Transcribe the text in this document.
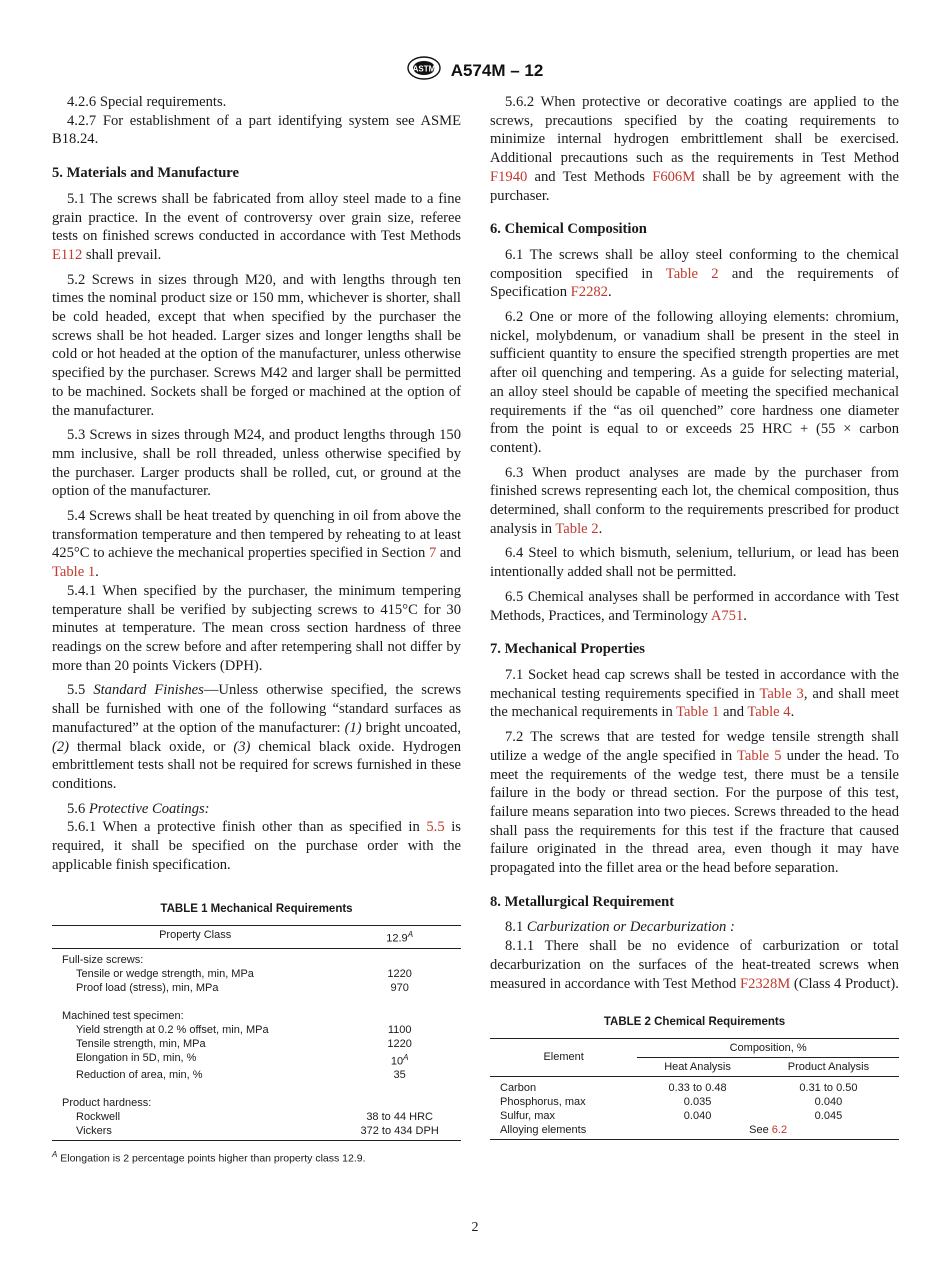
ASTM A574M – 12

4.2.6 Special requirements.

4.2.7 For establishment of a part identifying system see ASME B18.24.

5. Materials and Manufacture

5.1 The screws shall be fabricated from alloy steel made to a fine grain practice. In the event of controversy over grain size, referee tests on finished screws conducted in accordance with Test Methods E112 shall prevail.

5.2 Screws in sizes through M20, and with lengths through ten times the nominal product size or 150 mm, whichever is shorter, shall be cold headed, except that when specified by the purchaser the screws shall be hot headed. Larger sizes and longer lengths shall be cold or hot headed at the option of the manufacturer, unless otherwise specified by the purchaser. Screws M42 and larger shall be permitted to be machined. Sockets shall be forged or machined at the option of the manufacturer.

5.3 Screws in sizes through M24, and product lengths through 150 mm inclusive, shall be roll threaded, unless otherwise specified by the purchaser. Larger products shall be rolled, cut, or ground at the option of the manufacturer.

5.4 Screws shall be heat treated by quenching in oil from above the transformation temperature and then tempered by reheating to at least 425°C to achieve the mechanical properties specified in Section 7 and Table 1.

5.4.1 When specified by the purchaser, the minimum tempering temperature shall be verified by subjecting screws to 415°C for 30 minutes at temperature. The mean cross section hardness of three readings on the screw before and after retempering shall not differ by more than 20 points Vickers (DPH).

5.5 Standard Finishes—Unless otherwise specified, the screws shall be furnished with one of the following “standard surfaces as manufactured” at the option of the manufacturer: (1) bright uncoated, (2) thermal black oxide, or (3) chemical black oxide. Hydrogen embrittlement tests shall not be required for screws furnished in these conditions.

5.6 Protective Coatings:

5.6.1 When a protective finish other than as specified in 5.5 is required, it shall be specified on the purchase order with the applicable finish specification.

TABLE 1 Mechanical Requirements
Property Class	$12.9^A$
Full-size screws:	
Tensile or wedge strength, min, MPa	1220
Proof load (stress), min, MPa	970
Machined test specimen:	
Yield strength at 0.2 % offset, min, MPa	1100
Tensile strength, min, MPa	1220
Elongation in 5D, min, %	$10^A$
Reduction of area, min, %	35
Product hardness:	
Rockwell	38 to 44 HRC
Vickers	372 to 434 DPH
$^A$ Elongation is 2 percentage points higher than property class 12.9.

5.6.2 When protective or decorative coatings are applied to the screws, precautions specified by the coating requirements to minimize internal hydrogen embrittlement shall be exercised. Additional precautions such as the requirements in Test Method F1940 and Test Methods F606M shall be by agreement with the purchaser.

6. Chemical Composition

6.1 The screws shall be alloy steel conforming to the chemical composition specified in Table 2 and the requirements of Specification F2282.

6.2 One or more of the following alloying elements: chromium, nickel, molybdenum, or vanadium shall be present in the steel in sufficient quantity to ensure the specified strength properties are met after oil quenching and tempering. As a guide for selecting material, an alloy steel should be capable of meeting the specified mechanical requirements if the “as oil quenched” core hardness one diameter from the point is equal to or exceeds 25 HRC + (55 × carbon content).

6.3 When product analyses are made by the purchaser from finished screws representing each lot, the chemical composition, thus determined, shall conform to the requirements prescribed for product analysis in Table 2.

6.4 Steel to which bismuth, selenium, tellurium, or lead has been intentionally added shall not be permitted.

6.5 Chemical analyses shall be performed in accordance with Test Methods, Practices, and Terminology A751.

7. Mechanical Properties

7.1 Socket head cap screws shall be tested in accordance with the mechanical testing requirements specified in Table 3, and shall meet the mechanical requirements in Table 1 and Table 4.

7.2 The screws that are tested for wedge tensile strength shall utilize a wedge of the angle specified in Table 5 under the head. To meet the requirements of the wedge test, there must be a tensile failure in the body or thread section. For the purpose of this test, failure means separation into two pieces. Screws threaded to the head shall pass the requirements for this test if the fracture that caused failure originated in the thread area, even though it may have propagated into the fillet area or the head before separation.

8. Metallurgical Requirement

8.1 Carburization or Decarburization :

8.1.1 There shall be no evidence of carburization or total decarburization on the surfaces of the heat-treated screws when measured in accordance with Test Method F2328M (Class 4 Product).

TABLE 2 Chemical Requirements
Element	Composition, %	
	Heat Analysis	Product Analysis
Carbon	0.33 to 0.48	0.31 to 0.50
Phosphorus, max	0.035	0.040
Sulfur, max	0.040	0.045
Alloying elements	See 6.2	
2
